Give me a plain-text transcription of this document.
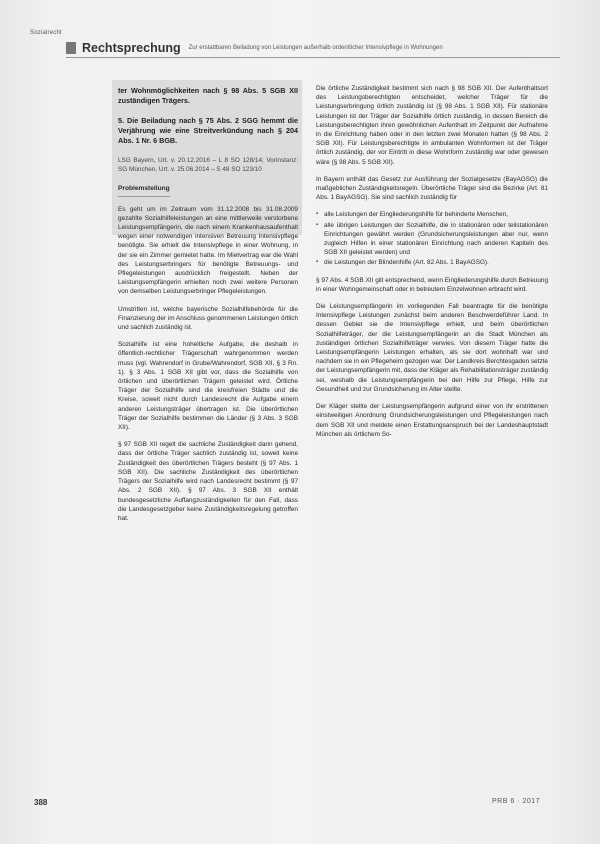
Sozialrecht
Rechtsprechung Zur erstattbaren Beiladung von Leistungen außerhalb ordentlicher Intensivpflege in Wohnungen

ter Wohnmöglichkeiten nach § 98 Abs. 5 SGB XII zuständigen Trägers.

5. Die Beiladung nach § 75 Abs. 2 SGG hemmt die Verjährung wie eine Streitverkündung nach § 204 Abs. 1 Nr. 6 BGB.

LSG Bayern, Urt. v. 20.12.2016 – L 8 SO 128/14; Vorinstanz: SG München, Urt. v. 25.06.2014 – S 48 SO 123/10

Problemstellung

Es geht um im Zeitraum vom 31.12.2008 bis 31.08.2009 gezahlte Sozialhilfeleistungen an eine mittlerweile verstorbene Leistungsempfängerin, die nach einem Krankenhausaufenthalt wegen einer notwendigen intensiven Betreuung Intensivpflege benötigte. Sie erhielt die Intensivpflege in einer Wohnung, in der sie ein Zimmer gemietet hatte. Im Mietvertrag war die Wahl des Leistungserbringers für benötigte Betreuungs- und Pflegeleistungen ausdrücklich freigestellt. Neben der Leistungsempfängerin erhielten noch zwei weitere Personen von demselben Leistungserbringer Pflegeleistungen.

Umstritten ist, welche bayerische Sozialhilfebehörde für die Finanzierung der im Anschluss genommenen Leistungen örtlich und sachlich zuständig ist.

Sozialhilfe ist eine hoheitliche Aufgabe, die deshalb in öffentlich-rechtlicher Trägerschaft wahrgenommen werden muss (vgl. Wahrendorf in Grube/Wahrendorf, SGB XII, § 3 Rn. 1). § 3 Abs. 1 SGB XII gibt vor, dass die Sozialhilfe von örtlichen und überörtlichen Trägern geleistet wird. Örtliche Träger der Sozialhilfe sind die kreisfreien Städte und die Kreise, soweit nicht durch Landesrecht die Aufgabe einem anderen Leistungsträger übertragen ist. Die überörtlichen Träger der Sozialhilfe bestimmen die Länder (§ 3 Abs. 3 SGB XII).

§ 97 SGB XII regelt die sachliche Zuständigkeit darin gehend, dass der örtliche Träger sachlich zuständig ist, soweit keine Zuständigkeit des überörtlichen Trägers besteht (§ 97 Abs. 1 SGB XII). Die sachliche Zuständigkeit des überörtlichen Trägers der Sozialhilfe wird nach Landesrecht bestimmt (§ 97 Abs. 2 SGB XII). § 97 Abs. 3 SGB XII enthält bundesgesetzliche Auffangzuständigkeiten für den Fall, dass die Landesgesetzgeber keine Zuständigkeitsregelung getroffen hat.

Die örtliche Zuständigkeit bestimmt sich nach § 98 SGB XII. Der Aufenthaltsort des Leistungsberechtigten entscheidet, welcher Träger für die Leistungserbringung örtlich zuständig ist (§ 98 Abs. 1 SGB XII). Für stationäre Leistungen ist der Träger der Sozialhilfe örtlich zuständig, in dessen Bereich die Leistungsberechtigten ihren gewöhnlichen Aufenthalt im Zeitpunkt der Aufnahme in die Einrichtung haben oder in den letzten zwei Monaten hatten (§ 98 Abs. 2 SGB XII). Für Leistungsberechtigte in ambulanten Wohnformen ist der Träger örtlich zuständig, der vor Eintritt in diese Wohnform zuständig war oder gewesen wäre (§ 98 Abs. 5 SGB XII).

In Bayern enthält das Gesetz zur Ausführung der Sozialgesetze (BayAGSG) die maßgeblichen Zuständigkeitsregeln. Überörtliche Träger sind die Bezirke (Art. 81 Abs. 1 BayAGSG). Sie sind sachlich zuständig für

▪ alle Leistungen der Eingliederungshilfe für behinderte Menschen,
▪ alle übrigen Leistungen der Sozialhilfe, die in stationären oder teilstationären Einrichtungen gewährt werden (Grundsicherungsleistungen aber nur, wenn zugleich Hilfen in einer stationären Einrichtung nach anderen Kapiteln des SGB XII geleistet werden) und
▪ die Leistungen der Blindenhilfe (Art. 82 Abs. 1 BayAGSG).

§ 97 Abs. 4 SGB XII gilt entsprechend, wenn Eingliederungshilfe durch Betreuung in einer Wohngemeinschaft oder in betreutem Einzelwohnen erbracht wird.

Die Leistungsempfängerin im vorliegenden Fall beantragte für die benötigte Intensivpflege Leistungen zunächst beim anderen Beschwerdeführer Land. In dessen Gebiet sie die Intensivpflege erhielt, und beim überörtlichen Sozialhilfeträger, der die Leistungsempfängerin an die Stadt München als zuständigen örtlichen Sozialhilfeträger verwies. Von diesem Träger hatte die Leistungsempfängerin Leistungen erhalten, als sie dort wohnhaft war und nachdem sie in ein Pflegeheim gezogen war. Der Landkreis Berchtesgaden setzte der Leistungsempfängerin mit, dass der Kläger als Rehabilitationsträger zuständig sei, weshalb die Leistungsempfängerin bei den Hilfe zur Pflege, Hilfe zur Gesundheit und zur Grundsicherung im Alter stellte.

Der Kläger stellte der Leistungsempfängerin aufgrund einer von ihr erstrittenen einstweiligen Anordnung Grundsicherungsleistungen und Pflegeleistungen nach dem SGB XII und meldete einen Erstattungsanspruch bei der Landeshauptstadt München als örtlichem So-

388	PRB 6 · 2017
